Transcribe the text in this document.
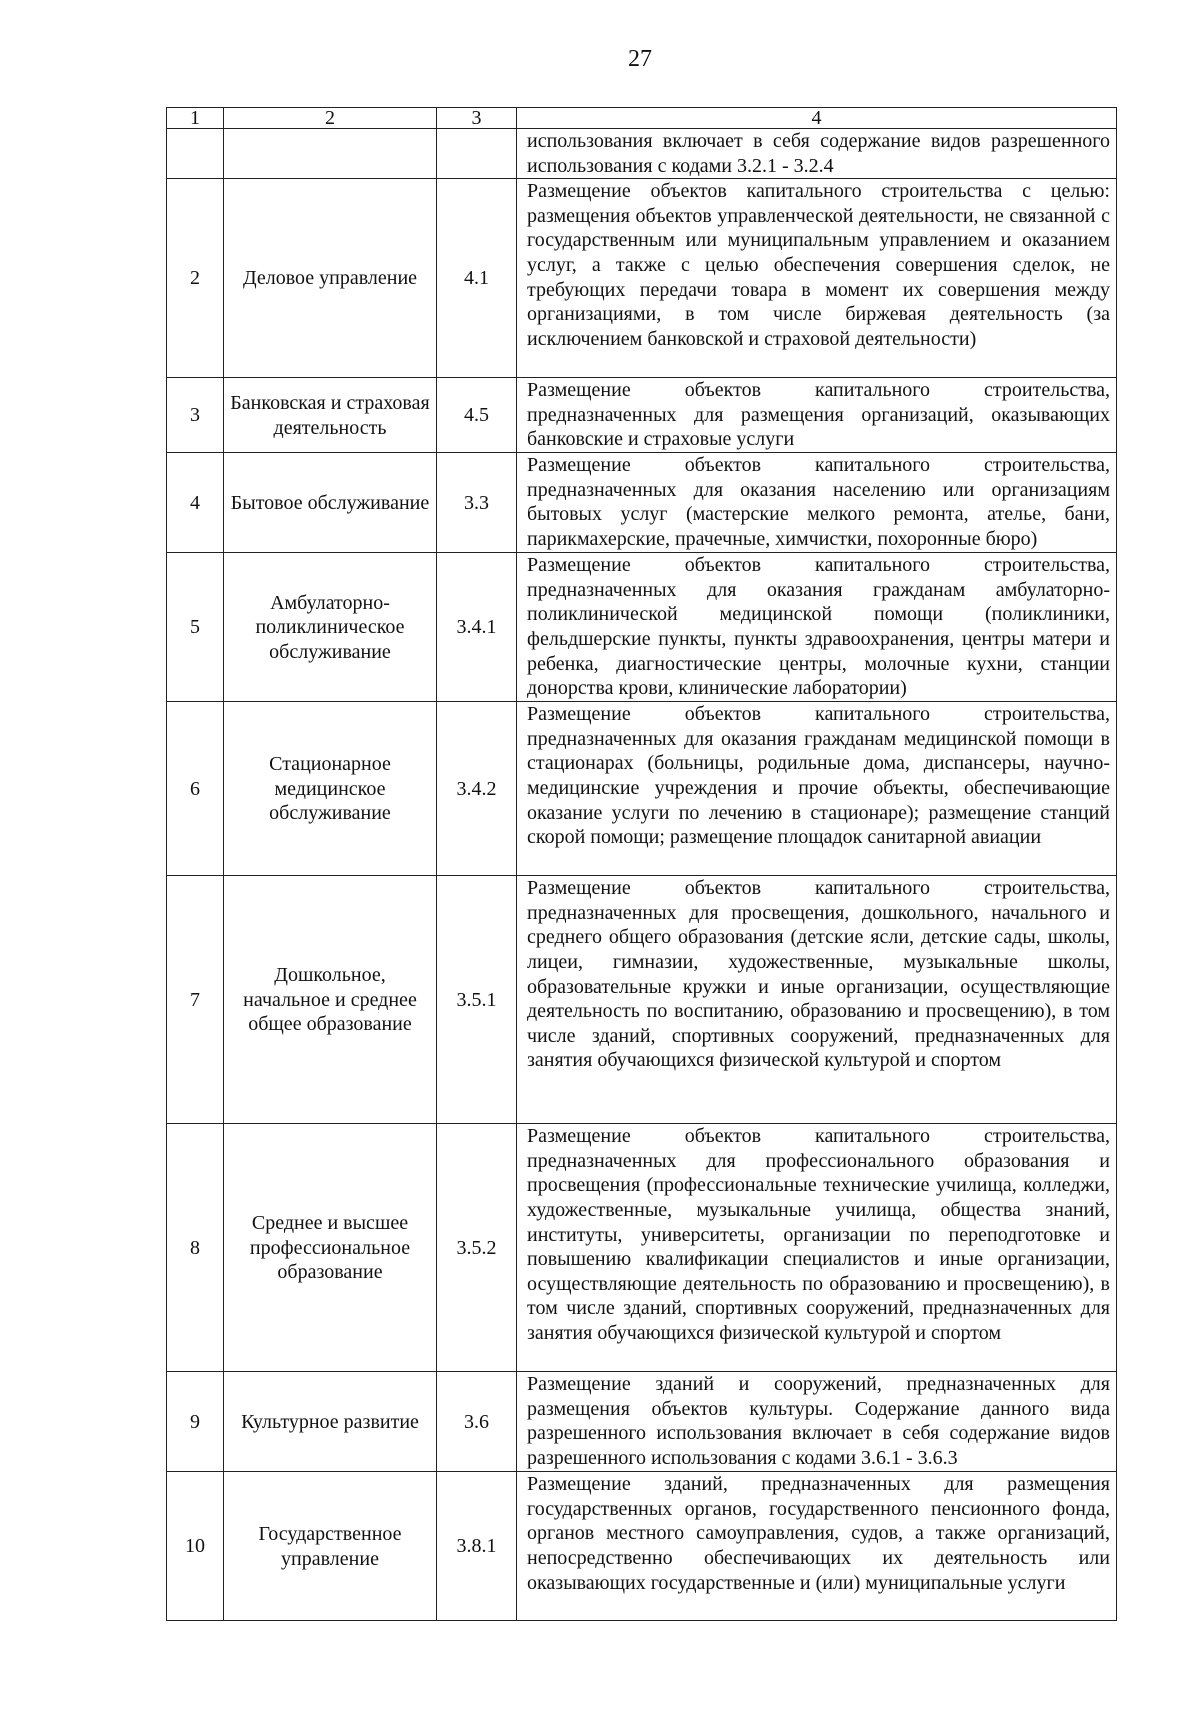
27
1	2	3	4
			использования включает в себя содержание видов разрешенного использования с кодами 3.2.1 - 3.2.4
2	Деловое управление	4.1	Размещение объектов капитального строительства с целью: размещения объектов управленческой деятельности, не связанной с государственным или муниципальным управлением и оказанием услуг, а также с целью обеспечения совершения сделок, не требующих передачи товара в момент их совершения между организациями, в том числе биржевая деятельность (за исключением банковской и страховой деятельности)
3	Банковская и страховая деятельность	4.5	Размещение объектов капитального строительства, предназначенных для размещения организаций, оказывающих банковские и страховые услуги
4	Бытовое обслуживание	3.3	Размещение объектов капитального строительства, предназначенных для оказания населению или организациям бытовых услуг (мастерские мелкого ремонта, ателье, бани, парикмахерские, прачечные, химчистки, похоронные бюро)
5	Амбулаторно-поликлиническое обслуживание	3.4.1	Размещение объектов капитального строительства, предназначенных для оказания гражданам амбулаторно-поликлинической медицинской помощи (поликлиники, фельдшерские пункты, пункты здравоохранения, центры матери и ребенка, диагностические центры, молочные кухни, станции донорства крови, клинические лаборатории)
6	Стационарное медицинское обслуживание	3.4.2	Размещение объектов капитального строительства, предназначенных для оказания гражданам медицинской помощи в стационарах (больницы, родильные дома, диспансеры, научно-медицинские учреждения и прочие объекты, обеспечивающие оказание услуги по лечению в стационаре); размещение станций скорой помощи; размещение площадок санитарной авиации
7	Дошкольное, начальное и среднее общее образование	3.5.1	Размещение объектов капитального строительства, предназначенных для просвещения, дошкольного, начального и среднего общего образования (детские ясли, детские сады, школы, лицеи, гимназии, художественные, музыкальные школы, образовательные кружки и иные организации, осуществляющие деятельность по воспитанию, образованию и просвещению), в том числе зданий, спортивных сооружений, предназначенных для занятия обучающихся физической культурой и спортом
8	Среднее и высшее профессиональное образование	3.5.2	Размещение объектов капитального строительства, предназначенных для профессионального образования и просвещения (профессиональные технические училища, колледжи, художественные, музыкальные училища, общества знаний, институты, университеты, организации по переподготовке и повышению квалификации специалистов и иные организации, осуществляющие деятельность по образованию и просвещению), в том числе зданий, спортивных сооружений, предназначенных для занятия обучающихся физической культурой и спортом
9	Культурное развитие	3.6	Размещение зданий и сооружений, предназначенных для размещения объектов культуры. Содержание данного вида разрешенного использования включает в себя содержание видов разрешенного использования с кодами 3.6.1 - 3.6.3
10	Государственное управление	3.8.1	Размещение зданий, предназначенных для размещения государственных органов, государственного пенсионного фонда, органов местного самоуправления, судов, а также организаций, непосредственно обеспечивающих их деятельность или оказывающих государственные и (или) муниципальные услуги
